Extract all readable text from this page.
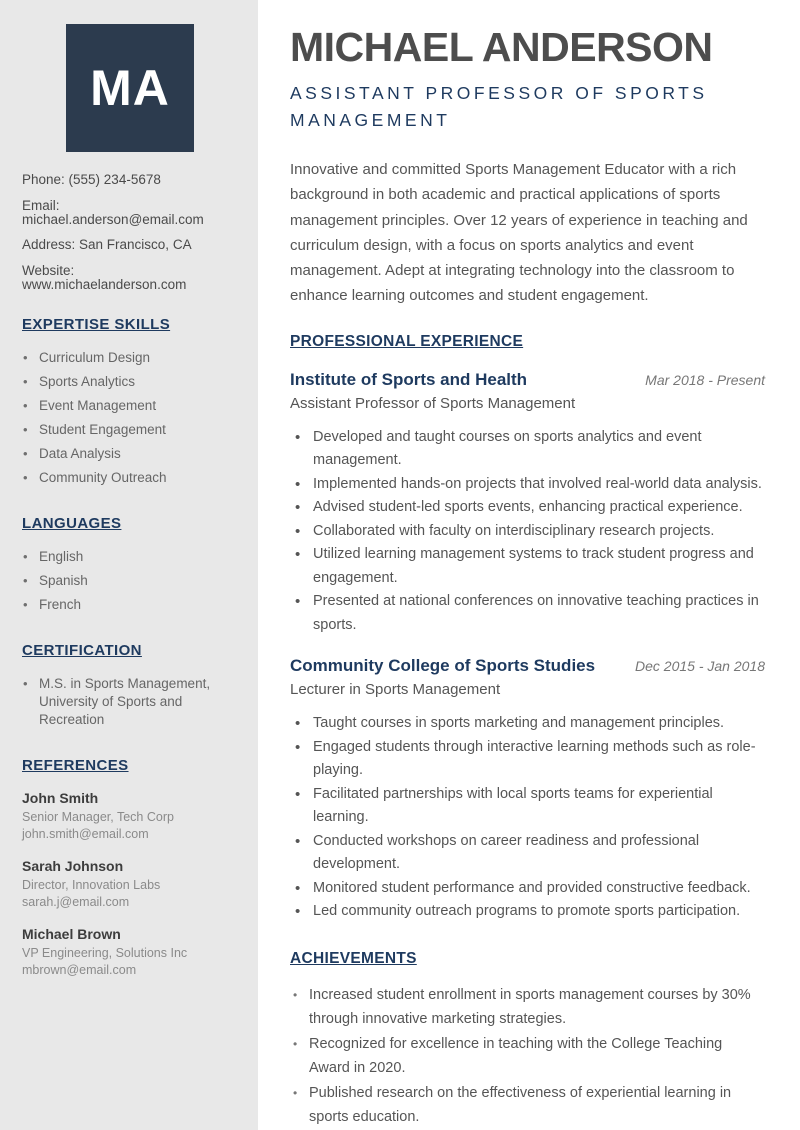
MA

Phone: (555) 234-5678

Email: michael.anderson@email.com

Address: San Francisco, CA

Website: www.michaelanderson.com

EXPERTISE SKILLS
• Curriculum Design
• Sports Analytics
• Event Management
• Student Engagement
• Data Analysis
• Community Outreach
LANGUAGES
• English
• Spanish
• French
CERTIFICATION
• M.S. in Sports Management, University of Sports and Recreation
REFERENCES
John Smith
Senior Manager, Tech Corp
john.smith@email.com
Sarah Johnson
Director, Innovation Labs
sarah.j@email.com
Michael Brown
VP Engineering, Solutions Inc
mbrown@email.com
MICHAEL ANDERSON
ASSISTANT PROFESSOR OF SPORTS MANAGEMENT

Innovative and committed Sports Management Educator with a rich background in both academic and practical applications of sports management principles. Over 12 years of experience in teaching and curriculum design, with a focus on sports analytics and event management. Adept at integrating technology into the classroom to enhance learning outcomes and student engagement.

PROFESSIONAL EXPERIENCE
Institute of Sports and Health	Mar 2018 - Present
Assistant Professor of Sports Management
• Developed and taught courses on sports analytics and event management.
• Implemented hands-on projects that involved real-world data analysis.
• Advised student-led sports events, enhancing practical experience.
• Collaborated with faculty on interdisciplinary research projects.
• Utilized learning management systems to track student progress and engagement.
• Presented at national conferences on innovative teaching practices in sports.
Community College of Sports Studies	Dec 2015 - Jan 2018
Lecturer in Sports Management
• Taught courses in sports marketing and management principles.
• Engaged students through interactive learning methods such as role-playing.
• Facilitated partnerships with local sports teams for experiential learning.
• Conducted workshops on career readiness and professional development.
• Monitored student performance and provided constructive feedback.
• Led community outreach programs to promote sports participation.
ACHIEVEMENTS
• Increased student enrollment in sports management courses by 30% through innovative marketing strategies.
• Recognized for excellence in teaching with the College Teaching Award in 2020.
• Published research on the effectiveness of experiential learning in sports education.
